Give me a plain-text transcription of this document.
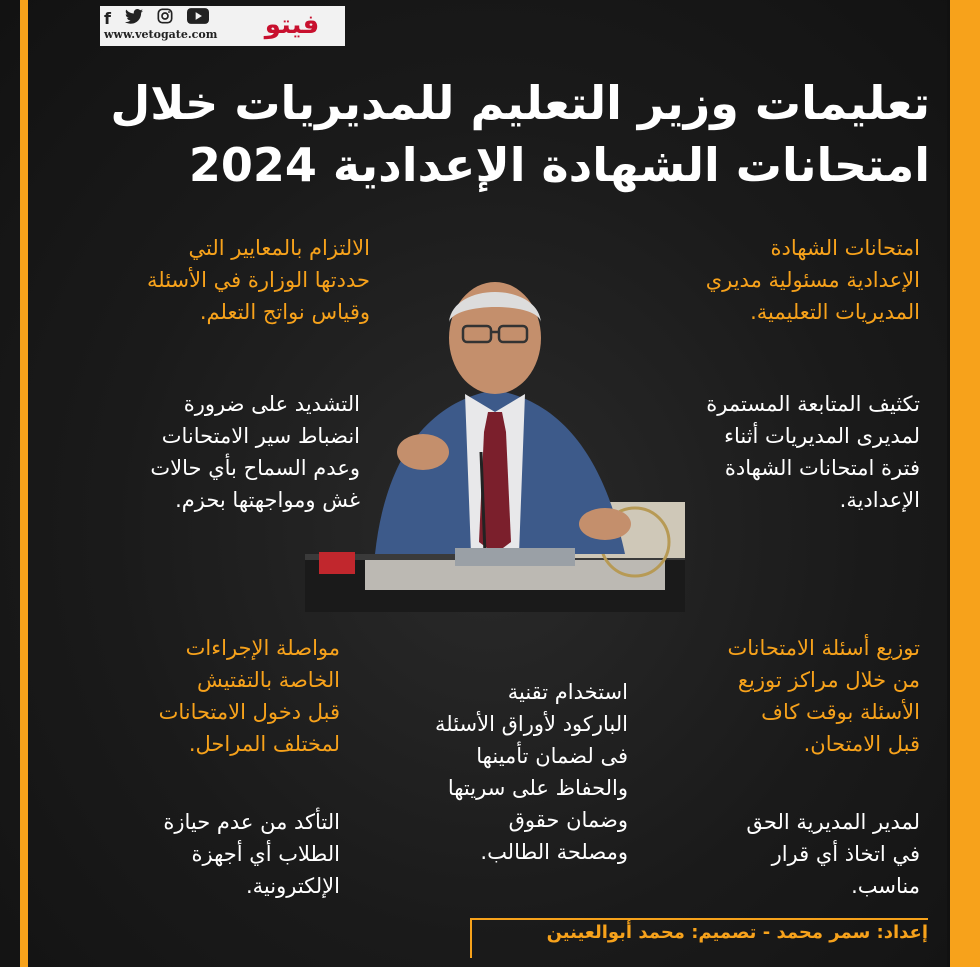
f
www.vetogate.com فيتو
تعليمات وزير التعليم للمديريات خلال
امتحانات الشهادة الإعدادية 2024
امتحانات الشهادة
الإعدادية مسئولية مديري
المديريات التعليمية.
تكثيف المتابعة المستمرة
لمديرى المديريات أثناء
فترة امتحانات الشهادة
الإعدادية.
توزيع أسئلة الامتحانات
من خلال مراكز توزيع
الأسئلة بوقت كاف
قبل الامتحان.
لمدير المديرية الحق
في اتخاذ أي قرار
مناسب.
الالتزام بالمعايير التي
حددتها الوزارة في الأسئلة
وقياس نواتج التعلم.
التشديد على ضرورة
انضباط سير الامتحانات
وعدم السماح بأي حالات
غش ومواجهتها بحزم.
مواصلة الإجراءات
الخاصة بالتفتيش
قبل دخول الامتحانات
لمختلف المراحل.
التأكد من عدم حيازة
الطلاب أي أجهزة
الإلكترونية.
استخدام تقنية
الباركود لأوراق الأسئلة
فى لضمان تأمينها
والحفاظ على سريتها
وضمان حقوق
ومصلحة الطالب.
إعداد: سمر محمد - تصميم: محمد أبوالعينين
